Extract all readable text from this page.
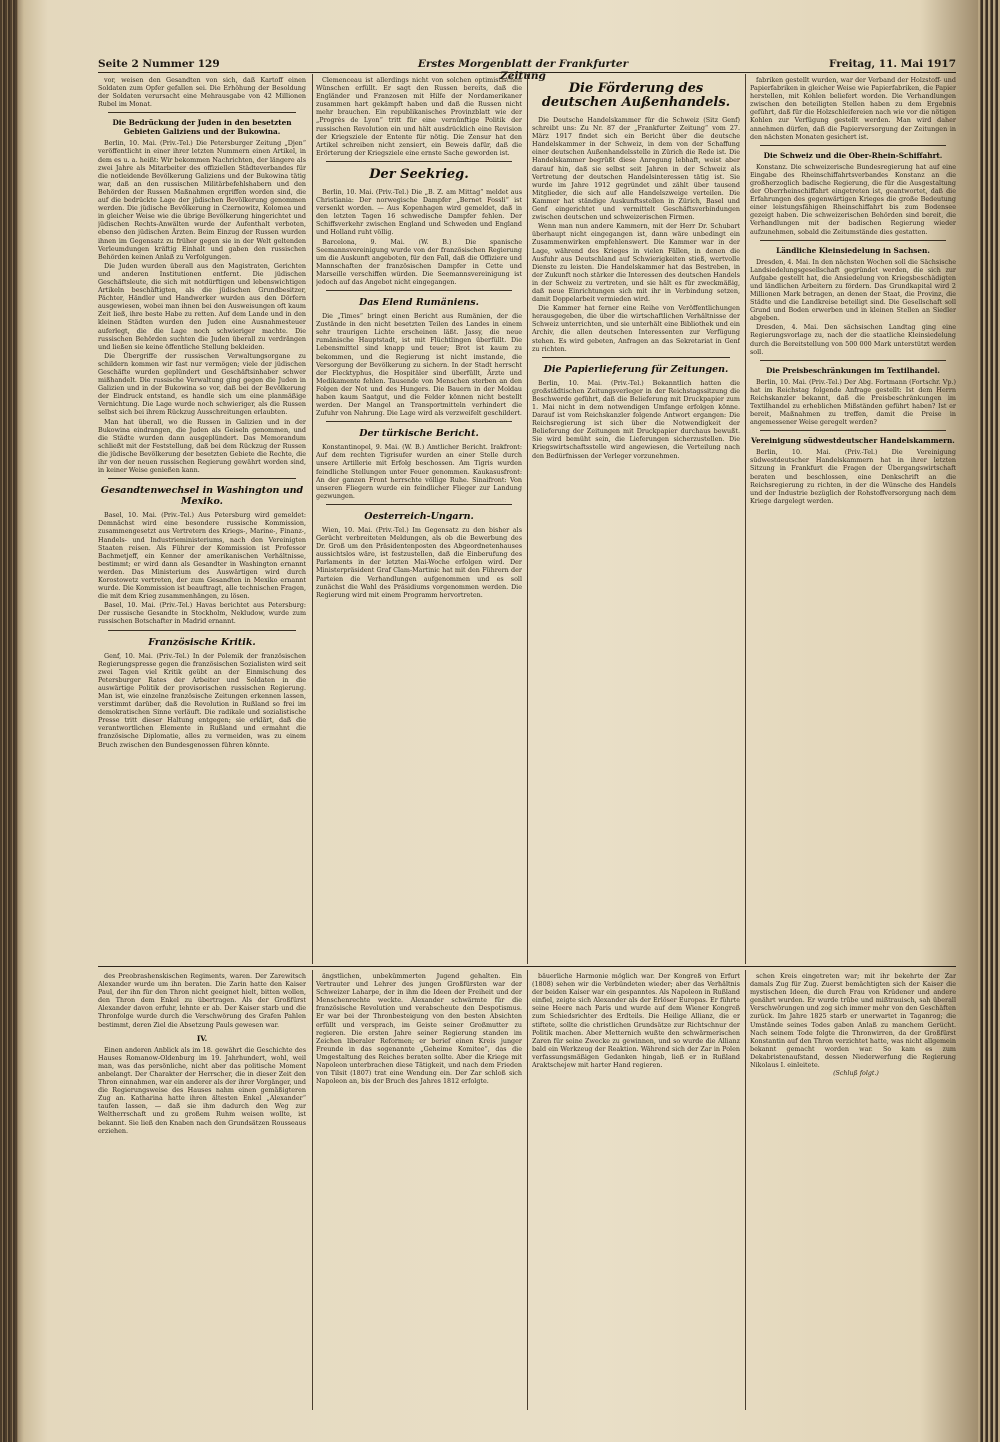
Seite 2 Nummer 129	Erstes Morgenblatt der Frankfurter Zeitung
Freitag, 11. Mai 1917

vor, weisen den Gesandten von sich, daß Kartoff einen Soldaten zum Opfer gefallen sei. Die Erhöhung der Besoldung der Soldaten verursacht eine Mehrausgabe von 42 Millionen Rubel im Monat.

Die Bedrückung der Juden in den besetzten Gebieten Galiziens und der Bukowina.

Berlin, 10. Mai. (Priv.-Tel.) Die Petersburger Zeitung „Djen“ veröffentlicht in einer ihrer letzten Nummern einen Artikel, in dem es u. a. heißt: Wir bekommen Nachrichten, der längere als zwei Jahre als Mitarbeiter des offiziellen Städteverbandes für die notleidende Bevölkerung Galiziens und der Bukowina tätig war, daß an den russischen Militärbefehlshabern und den Behörden der Russen Maßnahmen ergriffen worden sind, die auf die bedrückte Lage der jüdischen Bevölkerung genommen werden. Die jüdische Bevölkerung in Czernowitz, Kolomea und in gleicher Weise wie die übrige Bevölkerung hingerichtet und jüdischen Rechts-Anwälten wurde der Aufenthalt verboten, ebenso den jüdischen Ärzten. Beim Einzug der Russen wurden ihnen im Gegensatz zu früher gegen sie in der Welt geltenden Verleumdungen kräftig Einhalt und gaben den russischen Behörden keinen Anlaß zu Verfolgungen.

Die Juden wurden überall aus den Magistraten, Gerichten und anderen Institutionen entfernt. Die jüdischen Geschäftsleute, die sich mit notdürftigen und lebenswichtigen Artikeln beschäftigten, als die jüdischen Grundbesitzer, Pächter, Händler und Handwerker wurden aus den Dörfern ausgewiesen, wobei man ihnen bei den Ausweisungen oft kaum Zeit ließ, ihre beste Habe zu retten. Auf dem Lande und in den kleinen Städten wurden den Juden eine Ausnahmesteuer auferlegt, die die Lage noch schwieriger machte. Die russischen Behörden suchten die Juden überall zu verdrängen und ließen sie keine öffentliche Stellung bekleiden.

Die Übergriffe der russischen Verwaltungsorgane zu schildern kommen wir fast nur vermögen; viele der jüdischen Geschäfte wurden geplündert und Geschäftsinhaber schwer mißhandelt. Die russische Verwaltung ging gegen die Juden in Galizien und in der Bukowina so vor, daß bei der Bevölkerung der Eindruck entstand, es handle sich um eine planmäßige Vernichtung. Die Lage wurde noch schwieriger, als die Russen selbst sich bei ihrem Rückzug Ausschreitungen erlaubten.

Man hat überall, wo die Russen in Galizien und in der Bukowina eindrangen, die Juden als Geiseln genommen, und die Städte wurden dann ausgeplündert. Das Memorandum schließt mit der Feststellung, daß bei dem Rückzug der Russen die jüdische Bevölkerung der besetzten Gebiete die Rechte, die ihr von der neuen russischen Regierung gewährt worden sind, in keiner Weise genießen kann.

Gesandtenwechsel in Washington und Mexiko.

Basel, 10. Mai. (Priv.-Tel.) Aus Petersburg wird gemeldet: Demnächst wird eine besondere russische Kommission, zusammengesetzt aus Vertretern des Kriegs-, Marine-, Finanz-, Handels- und Industrieministeriums, nach den Vereinigten Staaten reisen. Als Führer der Kommission ist Professor Bachmetjeff, ein Kenner der amerikanischen Verhältnisse, bestimmt; er wird dann als Gesandter in Washington ernannt werden. Das Ministerium des Auswärtigen wird durch Korostowetz vertreten, der zum Gesandten in Mexiko ernannt wurde. Die Kommission ist beauftragt, alle technischen Fragen, die mit dem Krieg zusammenhängen, zu lösen.

Basel, 10. Mai. (Priv.-Tel.) Havas berichtet aus Petersburg: Der russische Gesandte in Stockholm, Nekludow, wurde zum russischen Botschafter in Madrid ernannt.

Französische Kritik.

Genf, 10. Mai. (Priv.-Tel.) In der Polemik der französischen Regierungspresse gegen die französischen Sozialisten wird seit zwei Tagen viel Kritik geübt an der Einmischung des Petersburger Rates der Arbeiter und Soldaten in die auswärtige Politik der provisorischen russischen Regierung. Man ist, wie einzelne französische Zeitungen erkennen lassen, verstimmt darüber, daß die Revolution in Rußland so frei im demokratischen Sinne verläuft. Die radikale und sozialistische Presse tritt dieser Haltung entgegen; sie erklärt, daß die verantwortlichen Elemente in Rußland und ermahnt die französische Diplomatie, alles zu vermeiden, was zu einem Bruch zwischen den Bundesgenossen führen könnte.

Clemenceau ist allerdings nicht von solchen optimistischen Wünschen erfüllt. Er sagt den Russen bereits, daß die Engländer und Franzosen mit Hilfe der Nordamerikaner zusammen hart gekämpft haben und daß die Russen nicht mehr brauchen. Ein republikanisches Provinzblatt wie der „Progrès de Lyon“ tritt für eine vernünftige Politik der russischen Revolution ein und hält ausdrücklich eine Revision der Kriegsziele der Entente für nötig. Die Zensur hat den Artikel schreiben nicht zensiert, ein Beweis dafür, daß die Erörterung der Kriegsziele eine ernste Sache geworden ist.

Der Seekrieg.

Berlin, 10. Mai. (Priv.-Tel.) Die „B. Z. am Mittag“ meldet aus Christiania: Der norwegische Dampfer „Bernet Fossli“ ist versenkt worden. — Aus Kopenhagen wird gemeldet, daß in den letzten Tagen 16 schwedische Dampfer fehlen. Der Schiffsverkehr zwischen England und Schweden und England und Holland ruht völlig.

Barcelona, 9. Mai. (W. B.) Die spanische Seemannsvereinigung wurde von der französischen Regierung um die Auskunft angeboten, für den Fall, daß die Offiziere und Mannschaften der französischen Dampfer in Cette und Marseille verschiffen würden. Die Seemannsvereinigung ist jedoch auf das Angebot nicht eingegangen.

Das Elend Rumäniens.

Die „Times“ bringt einen Bericht aus Rumänien, der die Zustände in den nicht besetzten Teilen des Landes in einem sehr traurigen Lichte erscheinen läßt. Jassy, die neue rumänische Hauptstadt, ist mit Flüchtlingen überfüllt. Die Lebensmittel sind knapp und teuer; Brot ist kaum zu bekommen, und die Regierung ist nicht imstande, die Versorgung der Bevölkerung zu sichern. In der Stadt herrscht der Flecktyphus, die Hospitäler sind überfüllt, Ärzte und Medikamente fehlen. Tausende von Menschen sterben an den Folgen der Not und des Hungers. Die Bauern in der Moldau haben kaum Saatgut, und die Felder können nicht bestellt werden. Der Mangel an Transportmitteln verhindert die Zufuhr von Nahrung. Die Lage wird als verzweifelt geschildert.

Der türkische Bericht.

Konstantinopel, 9. Mai. (W. B.) Amtlicher Bericht. Irakfront: Auf dem rechten Tigrisufer wurden an einer Stelle durch unsere Artillerie mit Erfolg beschossen. Am Tigris wurden feindliche Stellungen unter Feuer genommen. Kaukasusfront: An der ganzen Front herrschte völlige Ruhe. Sinaifront: Von unseren Fliegern wurde ein feindlicher Flieger zur Landung gezwungen.

Oesterreich-Ungarn.

Wien, 10. Mai. (Priv.-Tel.) Im Gegensatz zu den bisher als Gerücht verbreiteten Meldungen, als ob die Bewerbung des Dr. Groß um den Präsidentenposten des Abgeordnetenhauses aussichtslos wäre, ist festzustellen, daß die Einberufung des Parlaments in der letzten Mai-Woche erfolgen wird. Der Ministerpräsident Graf Clam-Martinic hat mit den Führern der Parteien die Verhandlungen aufgenommen und es soll zunächst die Wahl des Präsidiums vorgenommen werden. Die Regierung wird mit einem Programm hervortreten.

Die Förderung des deutschen Außenhandels.

Die Deutsche Handelskammer für die Schweiz (Sitz Genf) schreibt uns: Zu Nr. 87 der „Frankfurter Zeitung“ vom 27. März 1917 findet sich ein Bericht über die deutsche Handelskammer in der Schweiz, in dem von der Schaffung einer deutschen Außenhandelsstelle in Zürich die Rede ist. Die Handelskammer begrüßt diese Anregung lebhaft, weist aber darauf hin, daß sie selbst seit Jahren in der Schweiz als Vertretung der deutschen Handelsinteressen tätig ist. Sie wurde im Jahre 1912 gegründet und zählt über tausend Mitglieder, die sich auf alle Handelszweige verteilen. Die Kammer hat ständige Auskunftsstellen in Zürich, Basel und Genf eingerichtet und vermittelt Geschäftsverbindungen zwischen deutschen und schweizerischen Firmen.

Wenn man nun andere Kammern, mit der Herr Dr. Schubart überhaupt nicht eingegangen ist, dann wäre unbedingt ein Zusammenwirken empfehlenswert. Die Kammer war in der Lage, während des Krieges in vielen Fällen, in denen die Ausfuhr aus Deutschland auf Schwierigkeiten stieß, wertvolle Dienste zu leisten. Die Handelskammer hat das Bestreben, in der Zukunft noch stärker die Interessen des deutschen Handels in der Schweiz zu vertreten, und sie hält es für zweckmäßig, daß neue Einrichtungen sich mit ihr in Verbindung setzen, damit Doppelarbeit vermieden wird.

Die Kammer hat ferner eine Reihe von Veröffentlichungen herausgegeben, die über die wirtschaftlichen Verhältnisse der Schweiz unterrichten, und sie unterhält eine Bibliothek und ein Archiv, die allen deutschen Interessenten zur Verfügung stehen. Es wird gebeten, Anfragen an das Sekretariat in Genf zu richten.

Die Papierlieferung für Zeitungen.

Berlin, 10. Mai. (Priv.-Tel.) Bekanntlich hatten die großstädtischen Zeitungsverleger in der Reichstagssitzung die Beschwerde geführt, daß die Belieferung mit Druckpapier zum 1. Mai nicht in dem notwendigen Umfange erfolgen könne. Darauf ist vom Reichskanzler folgende Antwort ergangen: Die Reichsregierung ist sich über die Notwendigkeit der Belieferung der Zeitungen mit Druckpapier durchaus bewußt. Sie wird bemüht sein, die Lieferungen sicherzustellen. Die Kriegswirtschaftsstelle wird angewiesen, die Verteilung nach den Bedürfnissen der Verleger vorzunehmen.

fabriken gestellt wurden, war der Verband der Holzstoff- und Papierfabriken in gleicher Weise wie Papierfabriken, die Papier herstellen, mit Kohlen beliefert worden. Die Verhandlungen zwischen den beteiligten Stellen haben zu dem Ergebnis geführt, daß für die Holzschleifereien nach wie vor die nötigen Kohlen zur Verfügung gestellt werden. Man wird daher annehmen dürfen, daß die Papierversorgung der Zeitungen in den nächsten Monaten gesichert ist.

Die Schweiz und die Ober-Rhein-Schiffahrt.

Konstanz. Die schweizerische Bundesregierung hat auf eine Eingabe des Rheinschiffahrtsverbandes Konstanz an die großherzoglich badische Regierung, die für die Ausgestaltung der Oberrheinschiffahrt eingetreten ist, geantwortet, daß die Erfahrungen des gegenwärtigen Krieges die große Bedeutung einer leistungsfähigen Rheinschiffahrt bis zum Bodensee gezeigt haben. Die schweizerischen Behörden sind bereit, die Verhandlungen mit der badischen Regierung wieder aufzunehmen, sobald die Zeitumstände dies gestatten.

Ländliche Kleinsiedelung in Sachsen.

Dresden, 4. Mai. In den nächsten Wochen soll die Sächsische Landsiedelungsgesellschaft gegründet werden, die sich zur Aufgabe gestellt hat, die Ansiedelung von Kriegsbeschädigten und ländlichen Arbeitern zu fördern. Das Grundkapital wird 2 Millionen Mark betragen, an denen der Staat, die Provinz, die Städte und die Landkreise beteiligt sind. Die Gesellschaft soll Grund und Boden erwerben und in kleinen Stellen an Siedler abgeben.

Dresden, 4. Mai. Den sächsischen Landtag ging eine Regierungsvorlage zu, nach der die staatliche Kleinsiedelung durch die Bereitstellung von 500 000 Mark unterstützt werden soll.

Die Preisbeschränkungen im Textilhandel.

Berlin, 10. Mai. (Priv.-Tel.) Der Abg. Fortmann (Fortschr. Vp.) hat im Reichstag folgende Anfrage gestellt: Ist dem Herrn Reichskanzler bekannt, daß die Preisbeschränkungen im Textilhandel zu erheblichen Mißständen geführt haben? Ist er bereit, Maßnahmen zu treffen, damit die Preise in angemessener Weise geregelt werden?

Vereinigung südwestdeutscher Handelskammern.

Berlin, 10. Mai. (Priv.-Tel.) Die Vereinigung südwestdeutscher Handelskammern hat in ihrer letzten Sitzung in Frankfurt die Fragen der Übergangswirtschaft beraten und beschlossen, eine Denkschrift an die Reichsregierung zu richten, in der die Wünsche des Handels und der Industrie bezüglich der Rohstoffversorgung nach dem Kriege dargelegt werden.

des Preobrashenskischen Regiments, waren. Der Zarewitsch Alexander wurde um ihn beraten. Die Zarin hatte den Kaiser Paul, der ihn für den Thron nicht geeignet hielt, bitten wollen, den Thron dem Enkel zu übertragen. Als der Großfürst Alexander davon erfuhr, lehnte er ab. Der Kaiser starb und die Thronfolge wurde durch die Verschwörung des Grafen Pahlen bestimmt, deren Ziel die Absetzung Pauls gewesen war.

IV.

Einen anderen Anblick als im 18. gewährt die Geschichte des Hauses Romanow-Oldenburg im 19. Jahrhundert, wohl, weil man, was das persönliche, nicht aber das politische Moment anbelangt. Der Charakter der Herrscher, die in dieser Zeit den Thron einnahmen, war ein anderer als der ihrer Vorgänger, und die Regierungsweise des Hauses nahm einen gemäßigteren Zug an. Katharina hatte ihren ältesten Enkel „Alexander“ taufen lassen, — daß sie ihm dadurch den Weg zur Weltherrschaft und zu großem Ruhm weisen wollte, ist bekannt. Sie ließ den Knaben nach den Grundsätzen Rousseaus erziehen.

ängstlichen, unbekümmerten Jugend gehalten. Ein Vertrauter und Lehrer des jungen Großfürsten war der Schweizer Laharpe, der in ihm die Ideen der Freiheit und der Menschenrechte weckte. Alexander schwärmte für die französische Revolution und verabscheute den Despotismus. Er war bei der Thronbesteigung von den besten Absichten erfüllt und versprach, im Geiste seiner Großmutter zu regieren. Die ersten Jahre seiner Regierung standen im Zeichen liberaler Reformen; er berief einen Kreis junger Freunde in das sogenannte „Geheime Komitee“, das die Umgestaltung des Reiches beraten sollte. Aber die Kriege mit Napoleon unterbrachen diese Tätigkeit, und nach dem Frieden von Tilsit (1807) trat eine Wendung ein. Der Zar schloß sich Napoleon an, bis der Bruch des Jahres 1812 erfolgte.

bäuerliche Harmonie möglich war. Der Kongreß von Erfurt (1808) sehen wir die Verbündeten wieder; aber das Verhältnis der beiden Kaiser war ein gespanntes. Als Napoleon in Rußland einfiel, zeigte sich Alexander als der Erlöser Europas. Er führte seine Heere nach Paris und wurde auf dem Wiener Kongreß zum Schiedsrichter des Erdteils. Die Heilige Allianz, die er stiftete, sollte die christlichen Grundsätze zur Richtschnur der Politik machen. Aber Metternich wußte den schwärmerischen Zaren für seine Zwecke zu gewinnen, und so wurde die Allianz bald ein Werkzeug der Reaktion. Während sich der Zar in Polen verfassungsmäßigen Gedanken hingab, ließ er in Rußland Araktschejew mit harter Hand regieren.

schen Kreis eingetreten war; mit ihr bekehrte der Zar damals Zug für Zug. Zuerst bemächtigten sich der Kaiser die mystischen Ideen, die durch Frau von Krüdener und andere genährt wurden. Er wurde trübe und mißtrauisch, sah überall Verschwörungen und zog sich immer mehr von den Geschäften zurück. Im Jahre 1825 starb er unerwartet in Taganrog; die Umstände seines Todes gaben Anlaß zu manchem Gerücht. Nach seinem Tode folgte die Thronwirren, da der Großfürst Konstantin auf den Thron verzichtet hatte, was nicht allgemein bekannt gemacht worden war. So kam es zum Dekabristenaufstand, dessen Niederwerfung die Regierung Nikolaus I. einleitete.

(Schluß folgt.)
